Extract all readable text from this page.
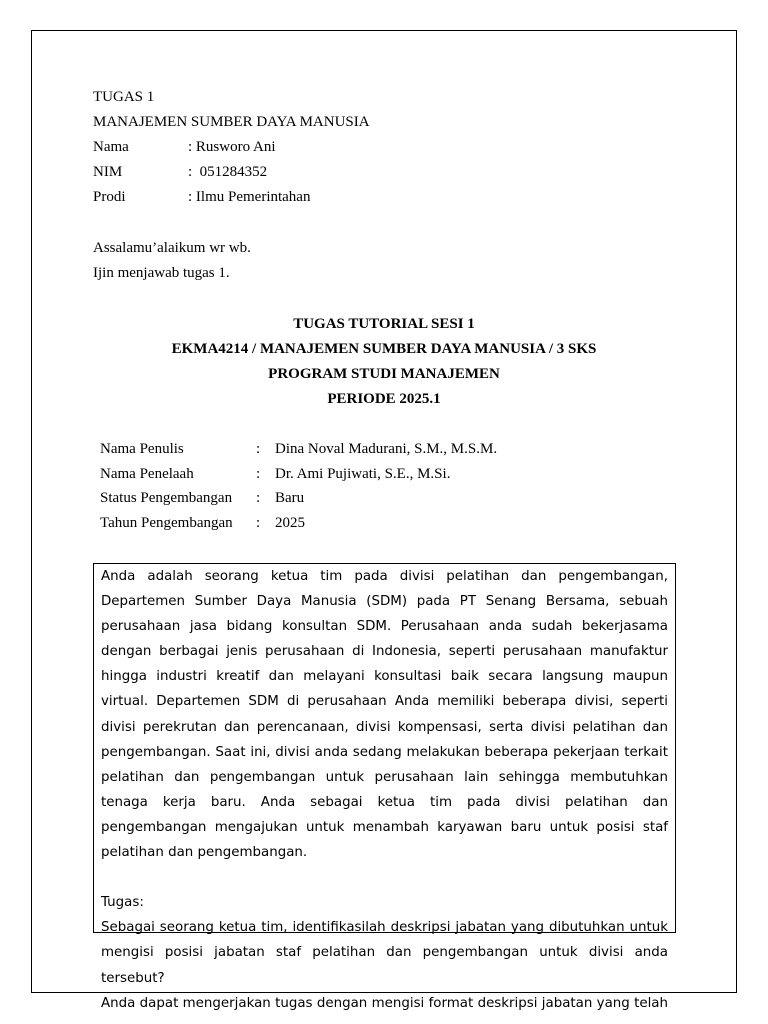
TUGAS 1
MANAJEMEN SUMBER DAYA MANUSIA
Nama	: Rusworo Ani
NIM	:  051284352
Prodi	: Ilmu Pemerintahan
Assalamu’alaikum wr wb.
Ijin menjawab tugas 1.
TUGAS TUTORIAL SESI 1
EKMA4214 / MANAJEMEN SUMBER DAYA MANUSIA / 3 SKS
PROGRAM STUDI MANAJEMEN
PERIODE 2025.1
Nama Penulis	: Dina Noval Madurani, S.M., M.S.M.
Nama Penelaah	: Dr. Ami Pujiwati, S.E., M.Si.
Status Pengembangan : Baru
Tahun Pengembangan : 2025

Anda adalah seorang ketua tim pada divisi pelatihan dan pengembangan, Departemen Sumber Daya Manusia (SDM) pada PT Senang Bersama, sebuah perusahaan jasa bidang konsultan SDM. Perusahaan anda sudah bekerjasama dengan berbagai jenis perusahaan di Indonesia, seperti perusahaan manufaktur hingga industri kreatif dan melayani konsultasi baik secara langsung maupun virtual. Departemen SDM di perusahaan Anda memiliki beberapa divisi, seperti divisi perekrutan dan perencanaan, divisi kompensasi, serta divisi pelatihan dan pengembangan. Saat ini, divisi anda sedang melakukan beberapa pekerjaan terkait pelatihan dan pengembangan untuk perusahaan lain sehingga membutuhkan tenaga kerja baru. Anda sebagai ketua tim pada divisi pelatihan dan pengembangan mengajukan untuk menambah karyawan baru untuk posisi staf pelatihan dan pengembangan.

Tugas:

Sebagai seorang ketua tim, identifikasilah deskripsi jabatan yang dibutuhkan untuk mengisi posisi jabatan staf pelatihan dan pengembangan untuk divisi anda tersebut?

Anda dapat mengerjakan tugas dengan mengisi format deskripsi jabatan yang telah
